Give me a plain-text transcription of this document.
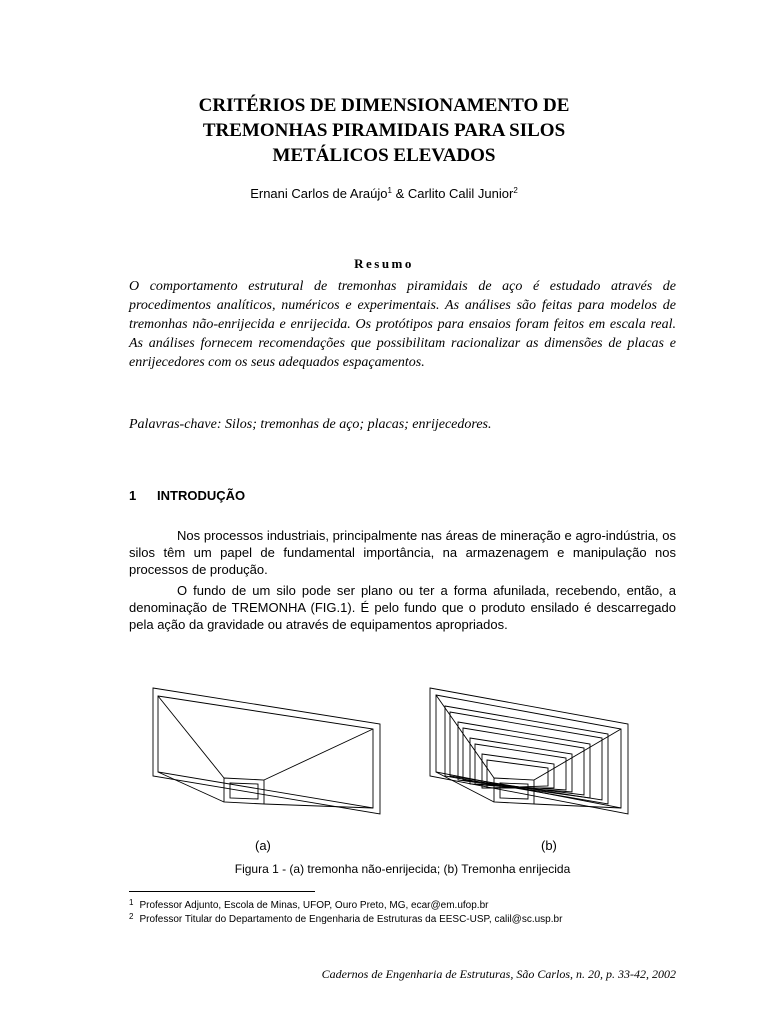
CRITÉRIOS DE DIMENSIONAMENTO DE
TREMONHAS PIRAMIDAIS PARA SILOS
METÁLICOS ELEVADOS
Ernani Carlos de Araújo$^1$ & Carlito Calil Junior$^2$
Resumo

O comportamento estrutural de tremonhas piramidais de aço é estudado através de procedimentos analíticos, numéricos e experimentais. As análises são feitas para modelos de tremonhas não-enrijecida e enrijecida. Os protótipos para ensaios foram feitos em escala real. As análises fornecem recomendações que possibilitam racionalizar as dimensões de placas e enrijecedores com os seus adequados espaçamentos.

Palavras-chave: Silos; tremonhas de aço; placas; enrijecedores.

1 INTRODUÇÃO

Nos processos industriais, principalmente nas áreas de mineração e agro-indústria, os silos têm um papel de fundamental importância, na armazenagem e manipulação nos processos de produção.

O fundo de um silo pode ser plano ou ter a forma afunilada, recebendo, então, a denominação de TREMONHA (FIG.1). É pelo fundo que o produto ensilado é descarregado pela ação da gravidade ou através de equipamentos apropriados.

(a)	(b)
Figura 1 - (a) tremonha não-enrijecida; (b) Tremonha enrijecida
$^1$ Professor Adjunto, Escola de Minas, UFOP, Ouro Preto, MG, ecar@em.ufop.br
$^2$ Professor Titular do Departamento de Engenharia de Estruturas da EESC-USP, calil@sc.usp.br
Cadernos de Engenharia de Estruturas, São Carlos, n. 20, p. 33-42, 2002
